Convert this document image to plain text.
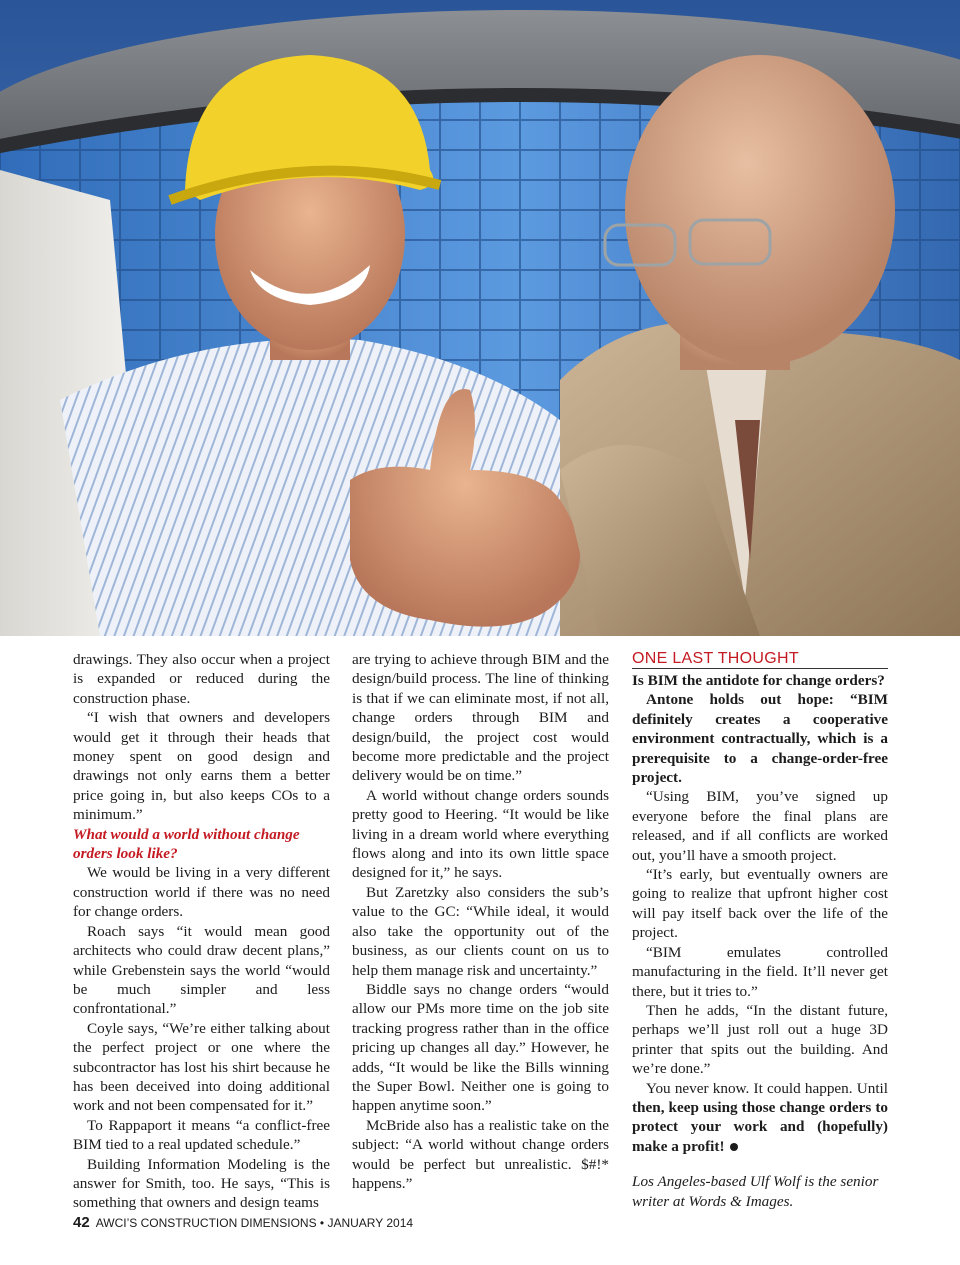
drawings. They also occur when a project is expanded or reduced during the construction phase.

“I wish that owners and developers would get it through their heads that money spent on good design and drawings not only earns them a better price going in, but also keeps COs to a minimum.”

What would a world without change orders look like?

We would be living in a very different construction world if there was no need for change orders.

Roach says “it would mean good architects who could draw decent plans,” while Grebenstein says the world “would be much simpler and less confrontational.”

Coyle says, “We’re either talking about the perfect project or one where the subcontractor has lost his shirt because he has been deceived into doing additional work and not been compensated for it.”

To Rappaport it means “a conflict-free BIM tied to a real updated schedule.”

Building Information Modeling is the answer for Smith, too. He says, “This is something that owners and design teams

are trying to achieve through BIM and the design/build process. The line of thinking is that if we can eliminate most, if not all, change orders through BIM and design/build, the project cost would become more predictable and the project delivery would be on time.”

A world without change orders sounds pretty good to Heering. “It would be like living in a dream world where everything flows along and into its own little space designed for it,” he says.

But Zaretzky also considers the sub’s value to the GC: “While ideal, it would also take the opportunity out of the business, as our clients count on us to help them manage risk and uncertainty.”

Biddle says no change orders “would allow our PMs more time on the job site tracking progress rather than in the office pricing up changes all day.” However, he adds, “It would be like the Bills winning the Super Bowl. Neither one is going to happen anytime soon.”

McBride also has a realistic take on the subject: “A world without change orders would be perfect but unrealistic. $#!* happens.”

ONE LAST THOUGHT

Is BIM the antidote for change orders?

Antone holds out hope: “BIM definitely creates a cooperative environment contractually, which is a prerequisite to a change-order-free project.

“Using BIM, you’ve signed up everyone before the final plans are released, and if all conflicts are worked out, you’ll have a smooth project.

“It’s early, but eventually owners are going to realize that upfront higher cost will pay itself back over the life of the project.

“BIM emulates controlled manufacturing in the field. It’ll never get there, but it tries to.”

Then he adds, “In the distant future, perhaps we’ll just roll out a huge 3D printer that spits out the building. And we’re done.”

You never know. It could happen. Until then, keep using those change orders to protect your work and (hopefully) make a profit!

Los Angeles-based Ulf Wolf is the senior writer at Words & Images.

42 AWCI’S CONSTRUCTION DIMENSIONS • JANUARY 2014
